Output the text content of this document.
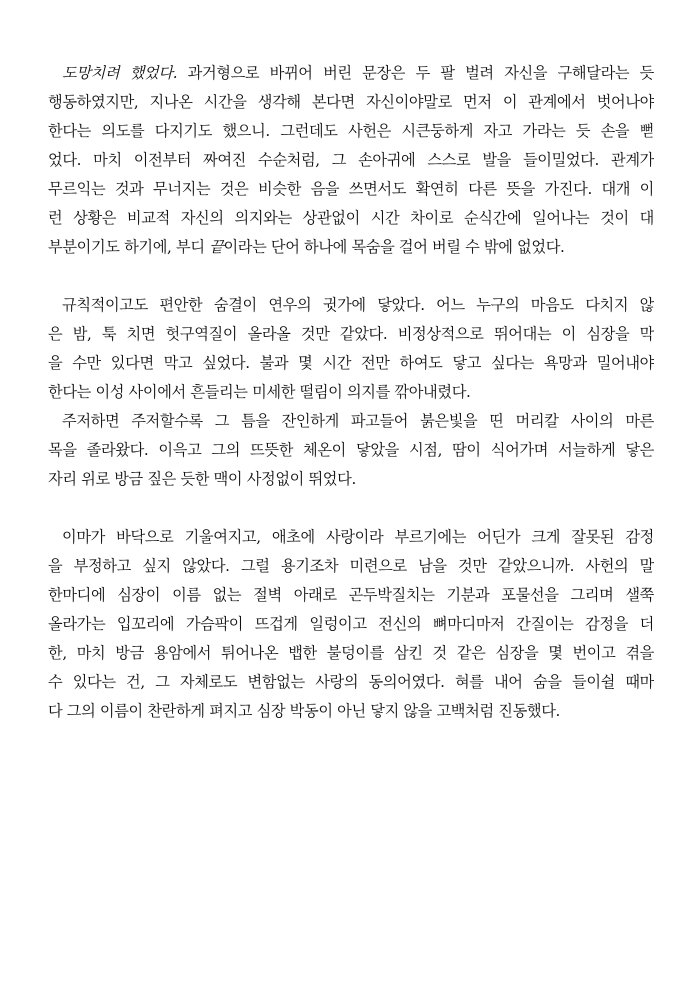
도망치려 했었다. 과거형으로 바뀌어 버린 문장은 두 팔 벌려 자신을 구해달라는 듯
행동하였지만, 지나온 시간을 생각해 본다면 자신이야말로 먼저 이 관계에서 벗어나야
한다는 의도를 다지기도 했으니. 그런데도 사헌은 시큰둥하게 자고 가라는 듯 손을 뻗
었다. 마치 이전부터 짜여진 수순처럼, 그 손아귀에 스스로 발을 들이밀었다. 관계가
무르익는 것과 무너지는 것은 비슷한 음을 쓰면서도 확연히 다른 뜻을 가진다. 대개 이
런 상황은 비교적 자신의 의지와는 상관없이 시간 차이로 순식간에 일어나는 것이 대
부분이기도 하기에, 부디 끝이라는 단어 하나에 목숨을 걸어 버릴 수 밖에 없었다.
규칙적이고도 편안한 숨결이 연우의 귓가에 닿았다. 어느 누구의 마음도 다치지 않
은 밤, 툭 치면 헛구역질이 올라올 것만 같았다. 비정상적으로 뛰어대는 이 심장을 막
을 수만 있다면 막고 싶었다. 불과 몇 시간 전만 하여도 닿고 싶다는 욕망과 밀어내야
한다는 이성 사이에서 흔들리는 미세한 떨림이 의지를 깎아내렸다.
주저하면 주저할수록 그 틈을 잔인하게 파고들어 붉은빛을 띤 머리칼 사이의 마른
목을 졸라왔다. 이윽고 그의 뜨뜻한 체온이 닿았을 시점, 땀이 식어가며 서늘하게 닿은
자리 위로 방금 짚은 듯한 맥이 사정없이 뛰었다.
이마가 바닥으로 기울여지고, 애초에 사랑이라 부르기에는 어딘가 크게 잘못된 감정
을 부정하고 싶지 않았다. 그럴 용기조차 미련으로 남을 것만 같았으니까. 사헌의 말
한마디에 심장이 이름 없는 절벽 아래로 곤두박질치는 기분과 포물선을 그리며 샐쭉
올라가는 입꼬리에 가슴팍이 뜨겁게 일렁이고 전신의 뼈마디마저 간질이는 감정을 더
한, 마치 방금 용암에서 튀어나온 뱁한 불덩이를 삼킨 것 같은 심장을 몇 번이고 겪을
수 있다는 건, 그 자체로도 변함없는 사랑의 동의어였다. 혀를 내어 숨을 들이쉴 때마
다 그의 이름이 찬란하게 펴지고 심장 박동이 아닌 닿지 않을 고백처럼 진동했다.
